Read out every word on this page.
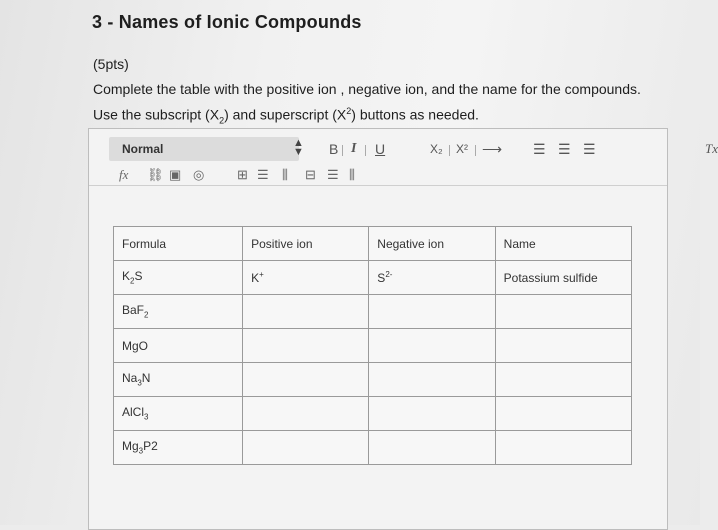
3 - Names of Ionic Compounds
(5pts)
Complete the table with the positive ion , negative ion, and the name for the compounds. Use the subscript $(X_2)$ and superscript $(X^2)$ buttons as needed.
Normal	▲
▼ B I U	X₂ X² ⟶ ☰ ☰ ☰	Tx
fx ⛓ ▣ ◎	⊞ ☰ ⫼ ⊟ ☰ ⫼
Formula	Positive ion	Negative ion	Name
$K_2S$	K+	$S^{2-}$	Potassium sulfide
BaF$_2$			
MgO			
$Na_3N$			
AlCl$_3$			
$Mg_3P2$			
